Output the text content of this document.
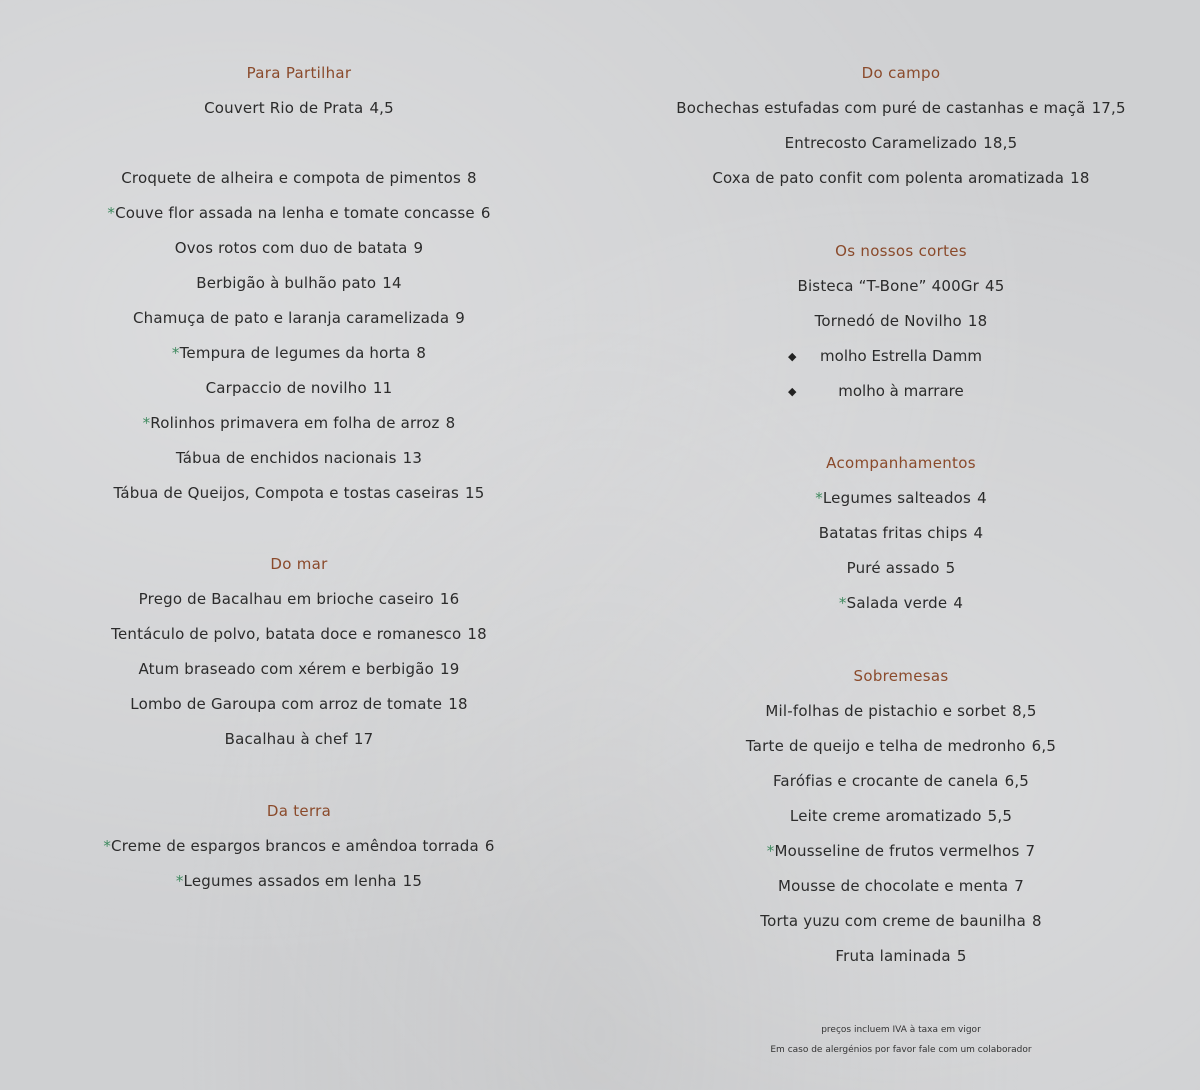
Para Partilhar
Couvert Rio de Prata 4,5
Croquete de alheira e compota de pimentos 8
*Couve flor assada na lenha e tomate concasse 6
Ovos rotos com duo de batata 9
Berbigão à bulhão pato 14
Chamuça de pato e laranja caramelizada 9
*Tempura de legumes da horta 8
Carpaccio de novilho 11
*Rolinhos primavera em folha de arroz 8
Tábua de enchidos nacionais 13
Tábua de Queijos, Compota e tostas caseiras 15
Do mar
Prego de Bacalhau em brioche caseiro 16
Tentáculo de polvo, batata doce e romanesco 18
Atum braseado com xérem e berbigão 19
Lombo de Garoupa com arroz de tomate 18
Bacalhau à chef 17
Da terra
*Creme de espargos brancos e amêndoa torrada 6
*Legumes assados em lenha 15
Do campo
Bochechas estufadas com puré de castanhas e maçã 17,5
Entrecosto Caramelizado 18,5
Coxa de pato confit com polenta aromatizada 18
Os nossos cortes
Bisteca “T-Bone” 400Gr 45
Tornedó de Novilho 18
◆ molho Estrella Damm
◆	molho à marrare
Acompanhamentos
*Legumes salteados 4
Batatas fritas chips 4
Puré assado 5
*Salada verde 4
Sobremesas
Mil-folhas de pistachio e sorbet 8,5
Tarte de queijo e telha de medronho 6,5
Farófias e crocante de canela 6,5
Leite creme aromatizado 5,5
*Mousseline de frutos vermelhos 7
Mousse de chocolate e menta 7
Torta yuzu com creme de baunilha 8
Fruta laminada 5
preços incluem IVA à taxa em vigor
Em caso de alergénios por favor fale com um colaborador
